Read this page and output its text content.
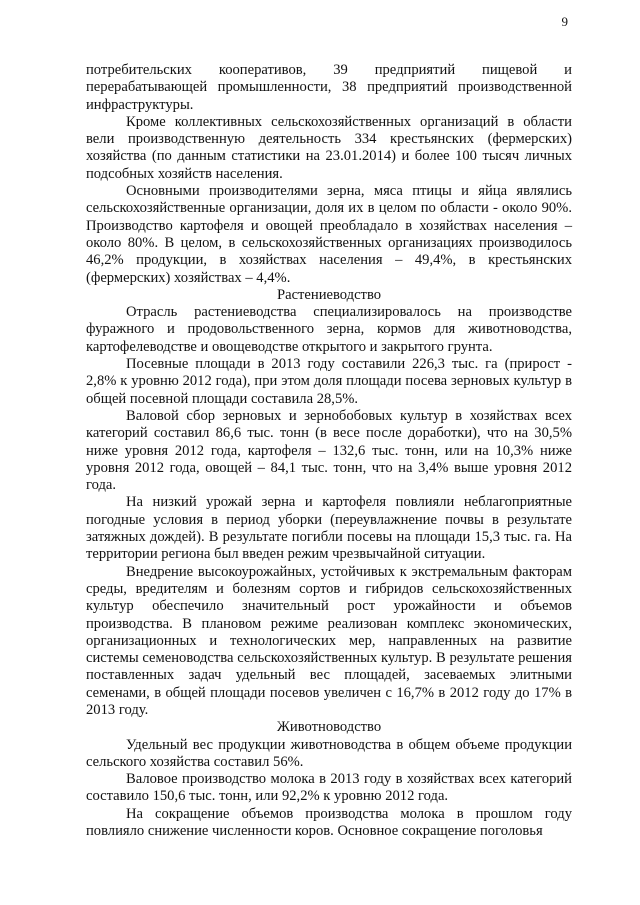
9

потребительских кооперативов, 39 предприятий пищевой и перерабатывающей промышленности, 38 предприятий производственной инфраструктуры.

Кроме коллективных сельскохозяйственных организаций в области вели производственную деятельность 334 крестьянских (фермерских) хозяйства (по данным статистики на 23.01.2014) и более 100 тысяч личных подсобных хозяйств населения.

Основными производителями зерна, мяса птицы и яйца являлись сельскохозяйственные организации, доля их в целом по области - около 90%. Производство картофеля и овощей преобладало в хозяйствах населения – около 80%. В целом, в сельскохозяйственных организациях производилось 46,2% продукции, в хозяйствах населения – 49,4%, в крестьянских (фермерских) хозяйствах – 4,4%.

Растениеводство

Отрасль растениеводства специализировалось на производстве фуражного и продовольственного зерна, кормов для животноводства, картофелеводстве и овощеводстве открытого и закрытого грунта.

Посевные площади в 2013 году составили 226,3 тыс. га (прирост - 2,8% к уровню 2012 года), при этом доля площади посева зерновых культур в общей посевной площади составила 28,5%.

Валовой сбор зерновых и зернобобовых культур в хозяйствах всех категорий составил 86,6 тыс. тонн (в весе после доработки), что на 30,5% ниже уровня 2012 года, картофеля – 132,6 тыс. тонн, или на 10,3% ниже уровня 2012 года, овощей – 84,1 тыс. тонн, что на 3,4% выше уровня 2012 года.

На низкий урожай зерна и картофеля повлияли неблагоприятные погодные условия в период уборки (переувлажнение почвы в результате затяжных дождей). В результате погибли посевы на площади 15,3 тыс. га. На территории региона был введен режим чрезвычайной ситуации.

Внедрение высокоурожайных, устойчивых к экстремальным факторам среды, вредителям и болезням сортов и гибридов сельскохозяйственных культур обеспечило значительный рост урожайности и объемов производства. В плановом режиме реализован комплекс экономических, организационных и технологических мер, направленных на развитие системы семеноводства сельскохозяйственных культур. В результате решения поставленных задач удельный вес площадей, засеваемых элитными семенами, в общей площади посевов увеличен с 16,7% в 2012 году до 17% в 2013 году.

Животноводство

Удельный вес продукции животноводства в общем объеме продукции сельского хозяйства составил 56%.

Валовое производство молока в 2013 году в хозяйствах всех категорий составило 150,6 тыс. тонн, или 92,2% к уровню 2012 года.

На сокращение объемов производства молока в прошлом году повлияло снижение численности коров. Основное сокращение поголовья
